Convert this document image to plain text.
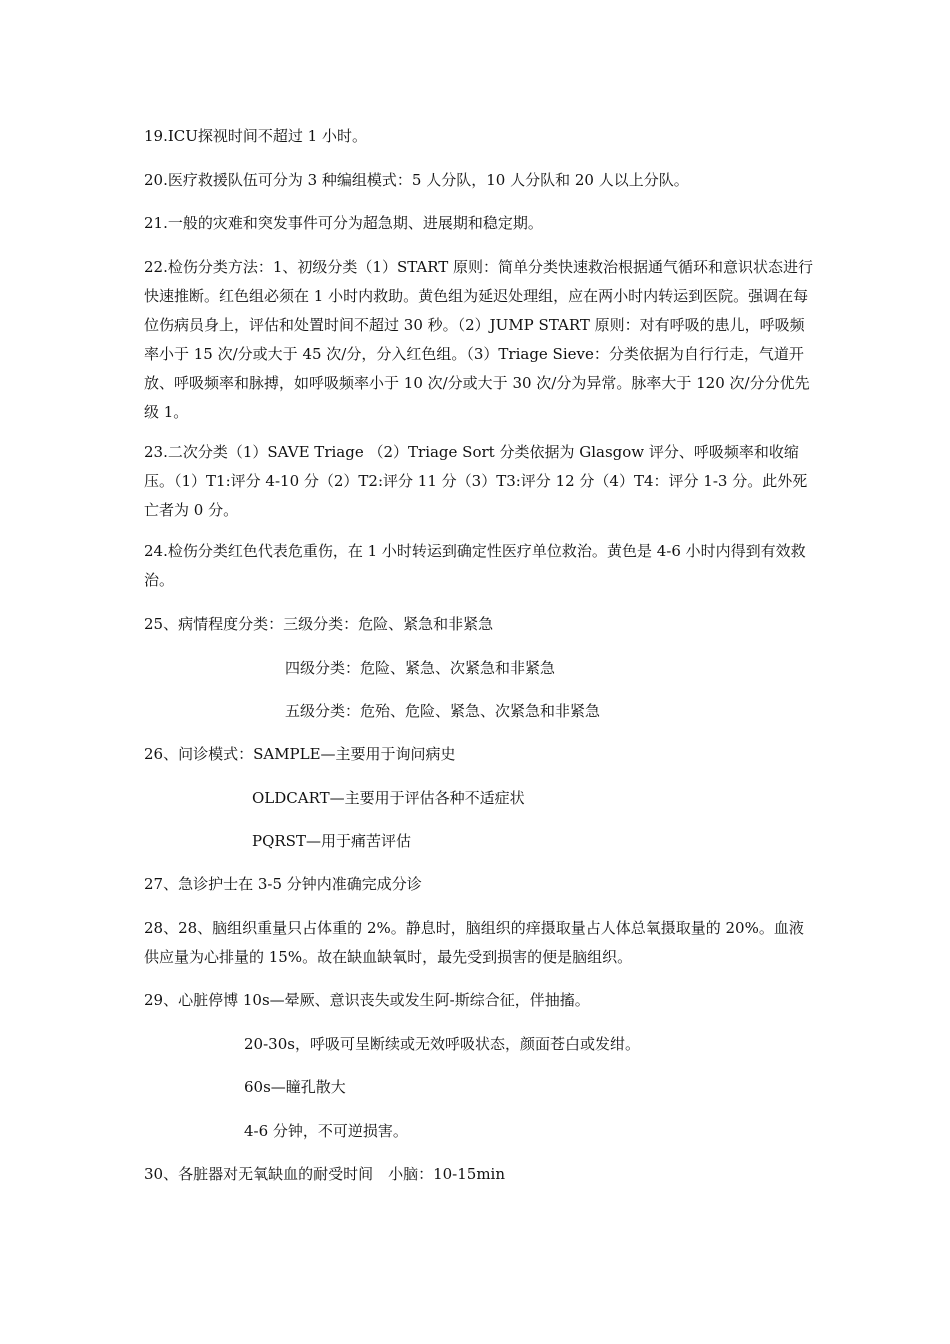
19.ICU探视时间不超过 1 小时。
20.医疗救援队伍可分为 3 种编组模式：5 人分队，10 人分队和 20 人以上分队。
21.一般的灾难和突发事件可分为超急期、进展期和稳定期。
22.检伤分类方法：1、初级分类（1）START 原则：简单分类快速救治根据通气循环和意识状态进行快速推断。红色组必须在 1 小时内救助。黄色组为延迟处理组，应在两小时内转运到医院。强调在每位伤病员身上，评估和处置时间不超过 30 秒。（2）JUMP START 原则：对有呼吸的患儿，呼吸频率小于 15 次/分或大于 45 次/分，分入红色组。（3）Triage Sieve：分类依据为自行行走，气道开放、呼吸频率和脉搏，如呼吸频率小于 10 次/分或大于 30 次/分为异常。脉率大于 120 次/分分优先级 1。
23.二次分类（1）SAVE Triage （2）Triage Sort 分类依据为 Glasgow 评分、呼吸频率和收缩压。（1）T1:评分 4-10 分（2）T2:评分 11 分（3）T3:评分 12 分（4）T4：评分 1-3 分。此外死亡者为 0 分。
24.检伤分类红色代表危重伤，在 1 小时转运到确定性医疗单位救治。黄色是 4-6 小时内得到有效救治。
25、病情程度分类：三级分类：危险、紧急和非紧急
四级分类：危险、紧急、次紧急和非紧急
五级分类：危殆、危险、紧急、次紧急和非紧急
26、问诊模式：SAMPLE—主要用于询问病史
OLDCART—主要用于评估各种不适症状
PQRST—用于痛苦评估
27、急诊护士在 3-5 分钟内准确完成分诊
28、28、脑组织重量只占体重的 2%。静息时，脑组织的痒摄取量占人体总氧摄取量的 20%。血液供应量为心排量的 15%。故在缺血缺氧时，最先受到损害的便是脑组织。
29、心脏停博 10s—晕厥、意识丧失或发生阿-斯综合征，伴抽搐。
20-30s，呼吸可呈断续或无效呼吸状态，颜面苍白或发绀。
60s—瞳孔散大
4-6 分钟，不可逆损害。
30、各脏器对无氧缺血的耐受时间　小脑：10-15min
